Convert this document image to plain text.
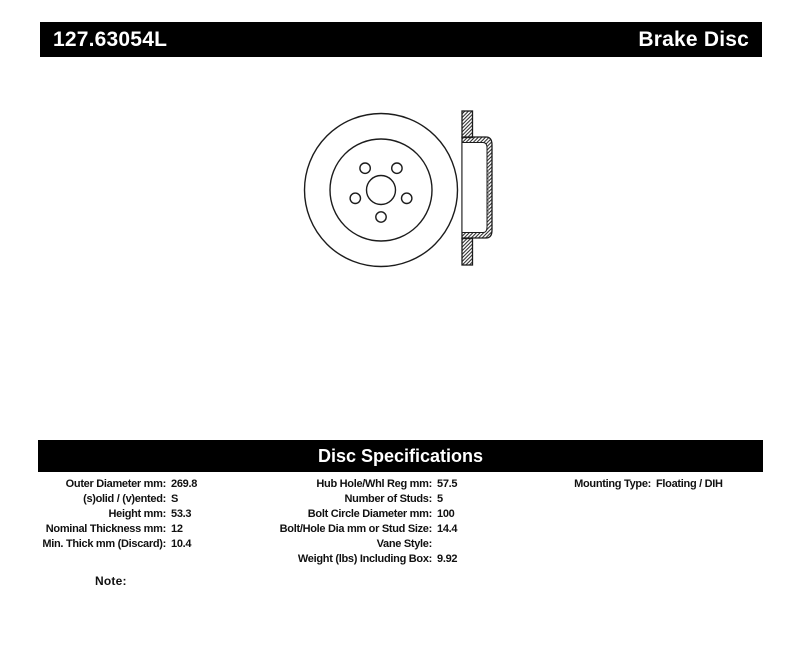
127.63054L	Brake Disc
Disc Specifications
Outer Diameter mm: 269.8
(s)olid / (v)ented: S
Height mm: 53.3
Nominal Thickness mm: 12
Min. Thick mm (Discard): 10.4
Hub Hole/Whl Reg mm: 57.5
Number of Studs: 5
Bolt Circle Diameter mm: 100
Bolt/Hole Dia mm or Stud Size: 14.4
Vane Style:
Weight (lbs) Including Box: 9.92
Mounting Type: Floating / DIH
Note:
